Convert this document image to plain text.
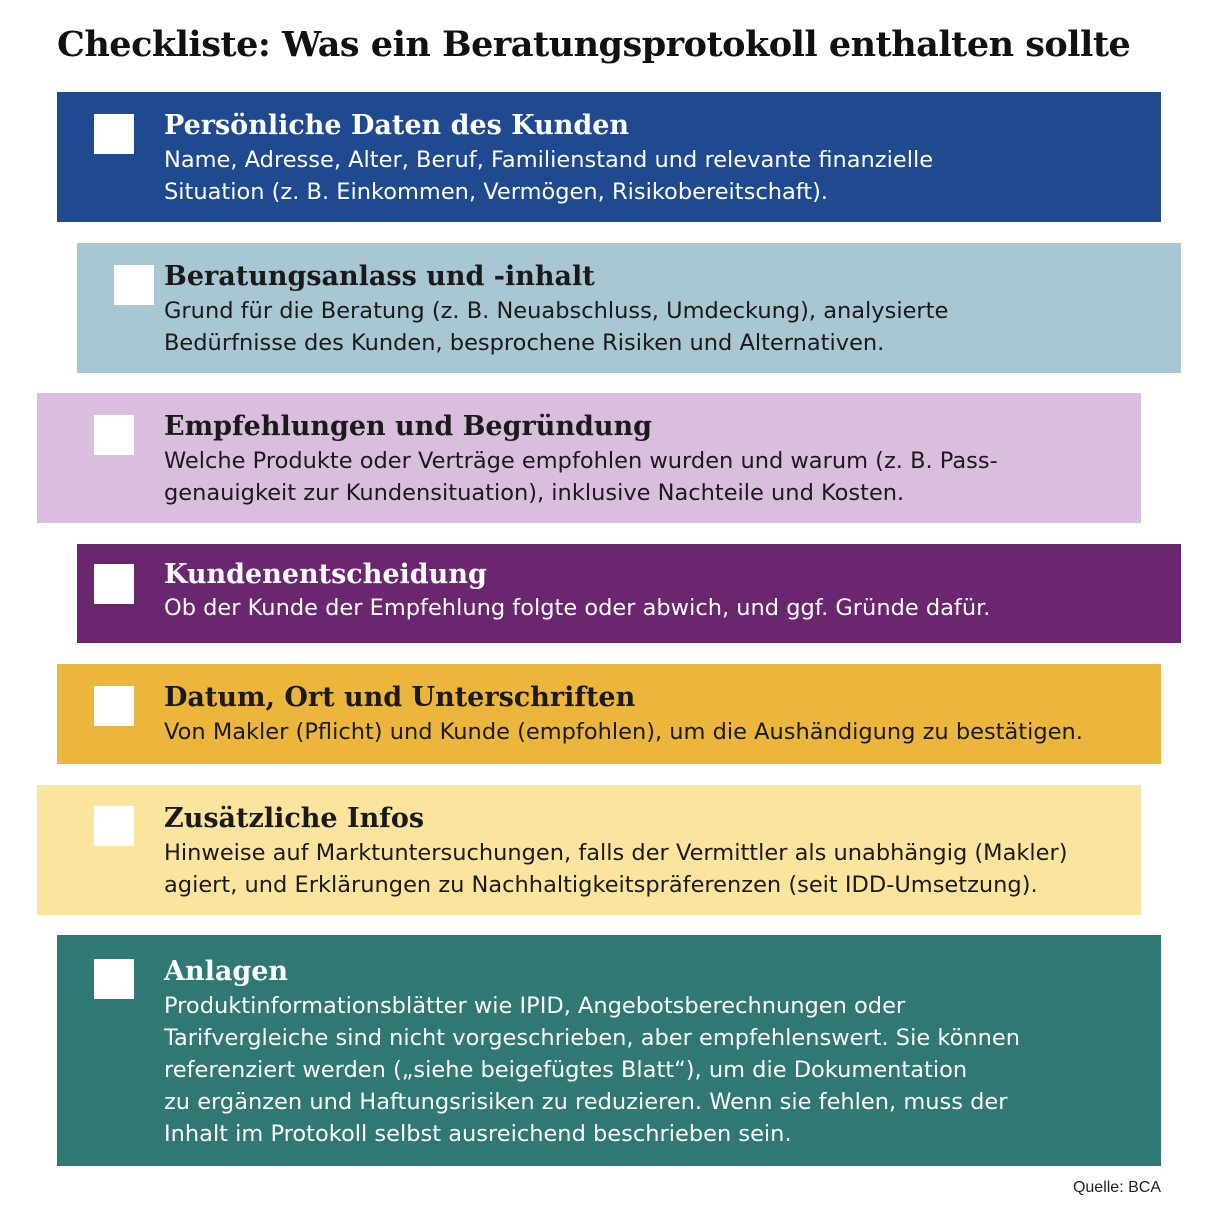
Checkliste: Was ein Beratungsprotokoll enthalten sollte
Persönliche Daten des Kunden

Name, Adresse, Alter, Beruf, Familienstand und relevante finanzielle
Situation (z. B. Einkommen, Vermögen, Risikobereitschaft).

Beratungsanlass und -inhalt

Grund für die Beratung (z. B. Neuabschluss, Umdeckung), analysierte
Bedürfnisse des Kunden, besprochene Risiken und Alternativen.

Empfehlungen und Begründung

Welche Produkte oder Verträge empfohlen wurden und warum (z. B. Pass-
genauigkeit zur Kundensituation), inklusive Nachteile und Kosten.

Kundenentscheidung

Ob der Kunde der Empfehlung folgte oder abwich, und ggf. Gründe dafür.

Datum, Ort und Unterschriften

Von Makler (Pflicht) und Kunde (empfohlen), um die Aushändigung zu bestätigen.

Zusätzliche Infos

Hinweise auf Marktuntersuchungen, falls der Vermittler als unabhängig (Makler)
agiert, und Erklärungen zu Nachhaltigkeitspräferenzen (seit IDD-Umsetzung).

Anlagen

Produktinformationsblätter wie IPID, Angebotsberechnungen oder
Tarifvergleiche sind nicht vorgeschrieben, aber empfehlenswert. Sie können
referenziert werden („siehe beigefügtes Blatt“), um die Dokumentation
zu ergänzen und Haftungsrisiken zu reduzieren. Wenn sie fehlen, muss der
Inhalt im Protokoll selbst ausreichend beschrieben sein.

Quelle: BCA
